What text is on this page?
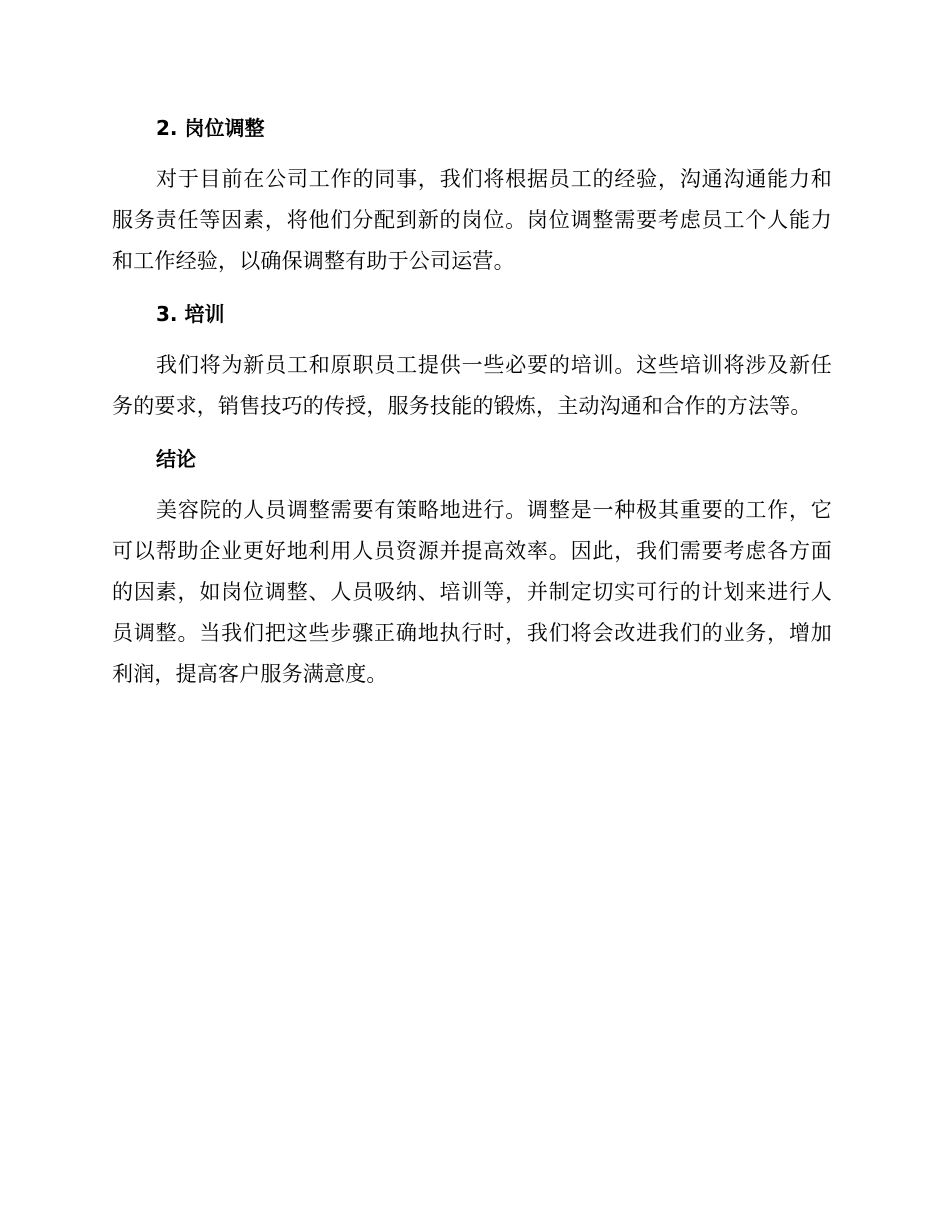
2. 岗位调整
对于目前在公司工作的同事，我们将根据员工的经验，沟通沟通能力和
服务责任等因素，将他们分配到新的岗位。岗位调整需要考虑员工个人能力
和工作经验，以确保调整有助于公司运营。
3. 培训
我们将为新员工和原职员工提供一些必要的培训。这些培训将涉及新任
务的要求，销售技巧的传授，服务技能的锻炼，主动沟通和合作的方法等。
结论
美容院的人员调整需要有策略地进行。调整是一种极其重要的工作，它
可以帮助企业更好地利用人员资源并提高效率。因此，我们需要考虑各方面
的因素，如岗位调整、人员吸纳、培训等，并制定切实可行的计划来进行人
员调整。当我们把这些步骤正确地执行时，我们将会改进我们的业务，增加
利润，提高客户服务满意度。
